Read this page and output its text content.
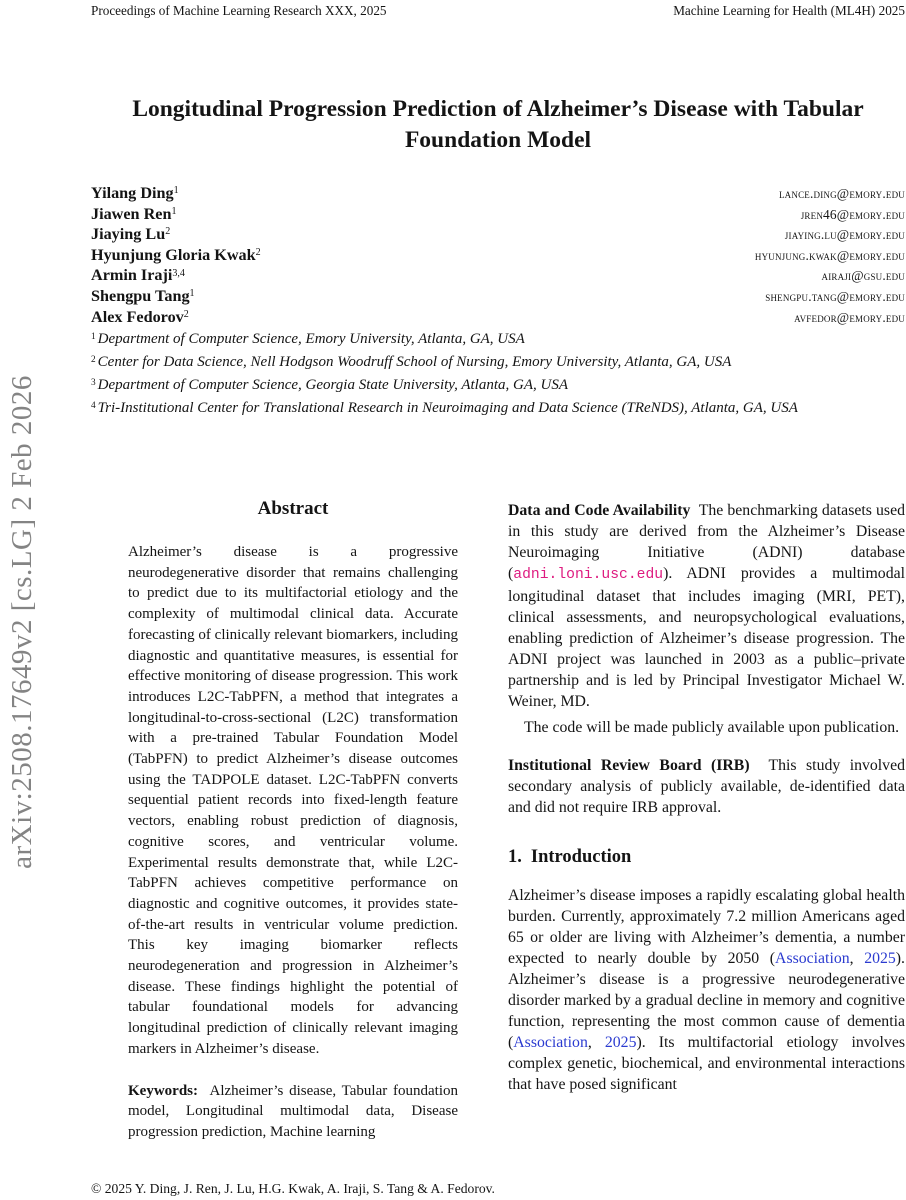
Proceedings of Machine Learning Research XXX, 2025	Machine Learning for Health (ML4H) 2025
arXiv:2508.17649v2 [cs.LG] 2 Feb 2026
Longitudinal Progression Prediction of Alzheimer’s Disease with Tabular Foundation Model
Yilang Ding$^1$	lance.ding@emory.edu
Jiawen Ren$^1$	jren46@emory.edu
Jiaying Lu$^2$	jiaying.lu@emory.edu
Hyunjung Gloria Kwak$^2$	hyunjung.kwak@emory.edu
Armin Iraji$^{3,4}$	airaji@gsu.edu
Shengpu Tang$^1$	shengpu.tang@emory.edu
Alex Fedorov$^2$	avfedor@emory.edu
$^1$ Department of Computer Science, Emory University, Atlanta, GA, USA
$^2$ Center for Data Science, Nell Hodgson Woodruff School of Nursing, Emory University, Atlanta, GA, USA
$^3$ Department of Computer Science, Georgia State University, Atlanta, GA, USA
$^4$ Tri-Institutional Center for Translational Research in Neuroimaging and Data Science (TReNDS), Atlanta, GA, USA
Abstract

Alzheimer’s disease is a progressive neurodegenerative disorder that remains challenging to predict due to its multifactorial etiology and the complexity of multimodal clinical data. Accurate forecasting of clinically relevant biomarkers, including diagnostic and quantitative measures, is essential for effective monitoring of disease progression. This work introduces L2C-TabPFN, a method that integrates a longitudinal-to-cross-sectional (L2C) transformation with a pre-trained Tabular Foundation Model (TabPFN) to predict Alzheimer’s disease outcomes using the TADPOLE dataset. L2C-TabPFN converts sequential patient records into fixed-length feature vectors, enabling robust prediction of diagnosis, cognitive scores, and ventricular volume. Experimental results demonstrate that, while L2C-TabPFN achieves competitive performance on diagnostic and cognitive outcomes, it provides state-of-the-art results in ventricular volume prediction. This key imaging biomarker reflects neurodegeneration and progression in Alzheimer’s disease. These findings highlight the potential of tabular foundational models for advancing longitudinal prediction of clinically relevant imaging markers in Alzheimer’s disease.

Keywords: Alzheimer’s disease, Tabular foundation model, Longitudinal multimodal data, Disease progression prediction, Machine learning

Data and Code Availability The benchmarking datasets used in this study are derived from the Alzheimer’s Disease Neuroimaging Initiative (ADNI) database (adni.loni.usc.edu). ADNI provides a multimodal longitudinal dataset that includes imaging (MRI, PET), clinical assessments, and neuropsychological evaluations, enabling prediction of Alzheimer’s disease progression. The ADNI project was launched in 2003 as a public–private partnership and is led by Principal Investigator Michael W. Weiner, MD.

The code will be made publicly available upon publication.

Institutional Review Board (IRB) This study involved secondary analysis of publicly available, de-identified data and did not require IRB approval.

1. Introduction

Alzheimer’s disease imposes a rapidly escalating global health burden. Currently, approximately 7.2 million Americans aged 65 or older are living with Alzheimer’s dementia, a number expected to nearly double by 2050 (Association, 2025). Alzheimer’s disease is a progressive neurodegenerative disorder marked by a gradual decline in memory and cognitive function, representing the most common cause of dementia (Association, 2025). Its multifactorial etiology involves complex genetic, biochemical, and environmental interactions that have posed significant

© 2025 Y. Ding, J. Ren, J. Lu, H.G. Kwak, A. Iraji, S. Tang & A. Fedorov.
